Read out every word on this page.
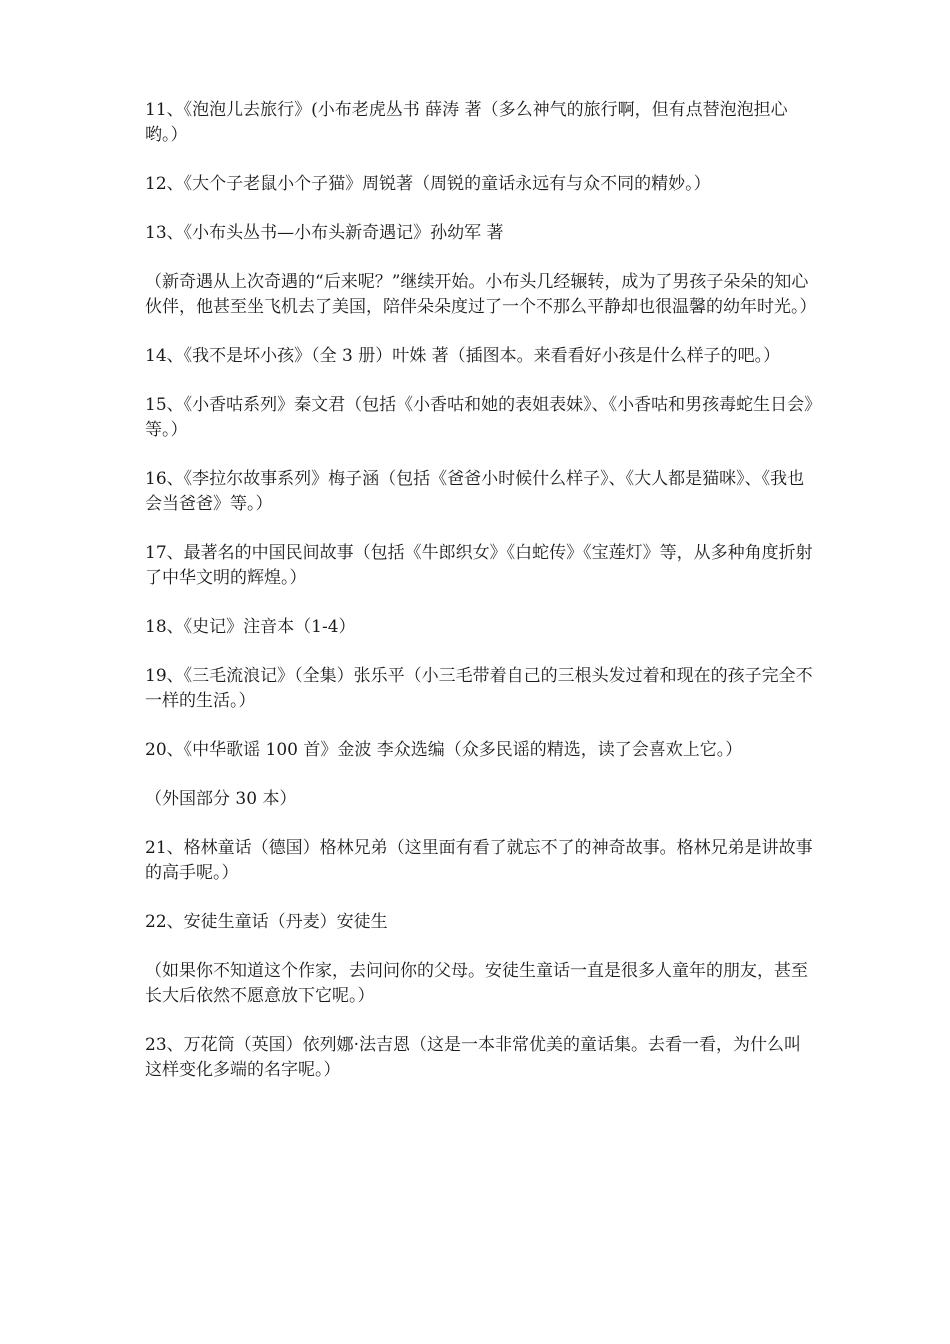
11、《泡泡儿去旅行》(小布老虎丛书 薛涛 著（多么神气的旅行啊，但有点替泡泡担心哟。）

12、《大个子老鼠小个子猫》周锐著（周锐的童话永远有与众不同的精妙。）

13、《小布头丛书—小布头新奇遇记》孙幼军 著

（新奇遇从上次奇遇的“后来呢？”继续开始。小布头几经辗转，成为了男孩子朵朵的知心伙伴，他甚至坐飞机去了美国，陪伴朵朵度过了一个不那么平静却也很温馨的幼年时光。）

14、《我不是坏小孩》（全 3 册）叶姝 著（插图本。来看看好小孩是什么样子的吧。）

15、《小香咕系列》秦文君（包括《小香咕和她的表姐表妹》、《小香咕和男孩毒蛇生日会》等。）

16、《李拉尔故事系列》梅子涵（包括《爸爸小时候什么样子》、《大人都是猫咪》、《我也会当爸爸》等。）

17、最著名的中国民间故事（包括《牛郎织女》《白蛇传》《宝莲灯》等，从多种角度折射了中华文明的辉煌。）

18、《史记》注音本（1-4）

19、《三毛流浪记》（全集）张乐平（小三毛带着自己的三根头发过着和现在的孩子完全不一样的生活。）

20、《中华歌谣 100 首》金波 李众选编（众多民谣的精选，读了会喜欢上它。）

（外国部分 30 本）

21、格林童话（德国）格林兄弟（这里面有看了就忘不了的神奇故事。格林兄弟是讲故事的高手呢。）

22、安徒生童话（丹麦）安徒生

（如果你不知道这个作家，去问问你的父母。安徒生童话一直是很多人童年的朋友，甚至长大后依然不愿意放下它呢。）

23、万花筒（英国）依列娜·法吉恩（这是一本非常优美的童话集。去看一看，为什么叫这样变化多端的名字呢。）
